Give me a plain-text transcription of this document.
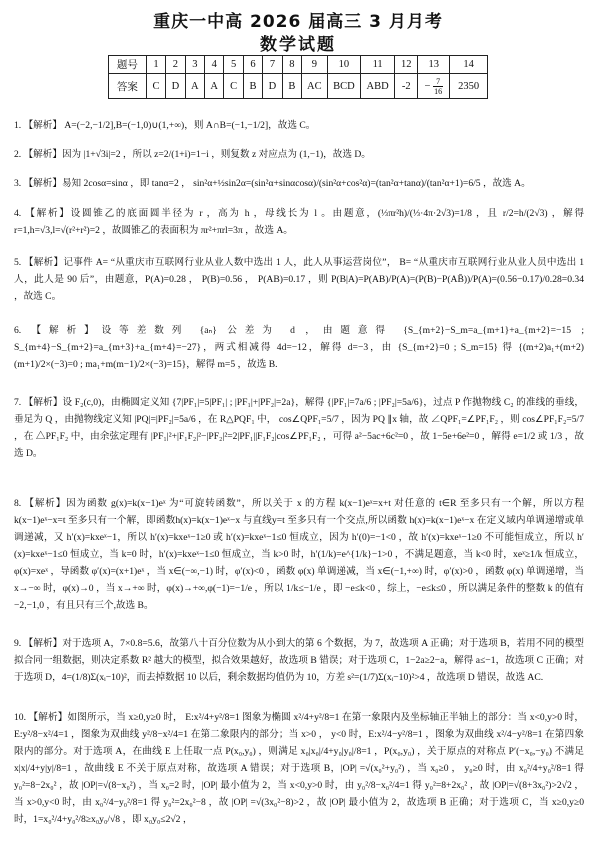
重庆一中高 2026 届高三 3 月月考
数学试题
题号	1	2	3	4	5	6	7	8	9	10	11	12	13	14
答案	C	D	A	A	C	B	D	B	AC	BCD	ABD	-2	− $\frac{7}{16}$	2350
1. 【解析】 A=(−2,−1/2],B=(−1,0)∪(1,+∞)，则 A∩B=(−1,−1/2]，故选 C。
2. 【解析】因为 |1+√3i|=2 ，所以 z=2/(1+i)=1−i ，则复数 z 对应点为 (1,−1)，故选 D。
3. 【解析】易知 2cosα=sinα ，即 tanα=2 ， sin²α+½sin2α=(sin²α+sinαcosα)/(sin²α+cos²α)=(tan²α+tanα)/(tan²α+1)=6/5 ，故选 A。
4. 【解析】设圆锥乙的底面圆半径为 r ，高为 h ，母线长为 l 。由题意，(⅓πr²h)/(⅓·4π·2√3)=1/8 ，且 r/2=h/(2√3) ，解得 r=1,h=√3,l=√(r²+r²)=2 ，故圆锥乙的表面积为 πr²+πrl=3π ，故选 A。
5. 【解析】记事件 A= “从重庆市互联网行业从业人数中选出 1 人，此人从事运营岗位”， B= “从重庆市互联网行业从业人员中选出 1 人，此人是 90 后”，由题意，P(A)=0.28 ， P(B)=0.56 ， P(AB)=0.17 ，则 P(B|A)=P(AB)/P(A)=(P(B)−P(AB̄))/P(A)=(0.56−0.17)/0.28=0.34 ，故选 C。
6. 【解析】设等差数列 {aₙ} 公差为 d ，由题意得 {S_{m+2}−S_m=a_{m+1}+a_{m+2}=−15 ; S_{m+4}−S_{m+2}=a_{m+3}+a_{m+4}=−27}，两式相减得 4d=−12，解得 d=−3，由 {S_{m+2}=0 ; S_m=15} 得 {(m+2)a₁+(m+2)(m+1)/2×(−3)=0 ; ma₁+m(m−1)/2×(−3)=15}，解得 m=5 ，故选 B.
7. 【解析】设 F₂(c,0)，由椭圆定义知 {7|PF₁|=5|PF₁| ; |PF₁|+|PF₂|=2a}，解得 {|PF₁|=7a/6 ; |PF₂|=5a/6}，过点 P 作抛物线 C₂ 的准线的垂线，垂足为 Q ，由抛物线定义知 |PQ|=|PF₂|=5a/6 ，在 R△PQF₁ 中， cos∠QPF₁=5/7 ，因为 PQ ∥x 轴，故 ∠QPF₁=∠PF₁F₂ ，则 cos∠PF₁F₂=5/7 ，在 △PF₁F₂ 中，由余弦定理有 |PF₁|²+|F₁F₂|²−|PF₂|²=2|PF₁||F₁F₂|cos∠PF₁F₂ ，可得 a²−5ac+6c²=0 ，故 1−5e+6e²=0 ，解得 e=1/2 或 1/3 ，故选 D。
8. 【解析】因为函数 g(x)=k(x−1)eˣ 为“可旋转函数”，所以关于 x 的方程 k(x−1)eˣ=x+t 对任意的 t∈R 至多只有一个解，所以方程 k(x−1)eˣ−x=t 至多只有一个解，即函数h(x)=k(x−1)eˣ−x 与直线y=t 至多只有一个交点,所以函数 h(x)=k(x−1)eˣ−x 在定义域内单调递增或单调递减，又 h′(x)=kxeˣ−1，所以 h′(x)=kxeˣ−1≥0 或 h′(x)=kxeˣ−1≤0 恒成立，因为 h′(0)=−1<0 ，故 h′(x)=kxeˣ−1≥0 不可能恒成立，所以 h′(x)=kxeˣ−1≤0 恒成立，当 k=0 时，h′(x)=kxeˣ−1≤0 恒成立，当 k>0 时，h′(1/k)=e^{1/k}−1>0 ，不满足题意，当 k<0 时，xeˣ≥1/k 恒成立，φ(x)=xeˣ ，导函数 φ′(x)=(x+1)eˣ ，当 x∈(−∞,−1) 时，φ′(x)<0 ，函数 φ(x) 单调递减，当 x∈(−1,+∞) 时，φ′(x)>0 ，函数 φ(x) 单调递增，当 x→−∞ 时，φ(x)→0 ，当 x→+∞ 时，φ(x)→+∞,φ(−1)=−1/e ，所以 1/k≤−1/e ，即 −e≤k<0 ，综上，−e≤k≤0 ，所以满足条件的整数 k 的值有 −2,−1,0 ，有且只有三个,故选 B。
9. 【解析】对于选项 A，7×0.8=5.6，故第八十百分位数为从小到大的第 6 个数据，为 7，故选项 A 正确；对于选项 B，若用不同的模型拟合同一组数据，则决定系数 R² 越大的模型，拟合效果越好，故选项 B 错误；对于选项 C，1−2a≥2−a，解得 a≤−1，故选项 C 正确；对于选项 D，4=(1/8)Σ(xᵢ−10)²，而去掉数据 10 以后，剩余数据均值仍为 10，方差 s²=(1/7)Σ(xᵢ−10)²>4 ，故选项 D 错误，故选 AC.
10. 【解析】如图所示，当 x≥0,y≥0 时， E:x²/4+y²/8=1 图象为椭圆 x²/4+y²/8=1 在第一象限内及坐标轴正半轴上的部分：当 x<0,y>0 时，E:y²/8−x²/4=1 ，图象为双曲线 y²/8−x²/4=1 在第二象限内的部分；当 x>0 ， y<0 时，E:x²/4−y²/8=1 ，图象为双曲线 x²/4−y²/8=1 在第四象限内的部分。对于选项 A，在曲线 E 上任取一点 P(x₀,y₀) ，则满足 x₀|x₀|/4+y₀|y₀|/8=1 ，P(x₀,y₀) ，关于原点的对称点 P′(−x₀,−y₀) 不满足 x|x|/4+y|y|/8=1 ，故曲线 E 不关于原点对称，故选项 A 错误；对于选项 B，|OP| =√(x₀²+y₀²) ，当 x₀≥0 ， y₀≥0 时，由 x₀²/4+y₀²/8=1 得 y₀²=8−2x₀² ，故 |OP|=√(8−x₀²) ，当 x₀=2 时，|OP| 最小值为 2，当 x<0,y>0 时，由 y₀²/8−x₀²/4=1 得 y₀²=8+2x₀² ，故 |OP|=√(8+3x₀²)>2√2 ，当 x>0,y<0 时，由 x₀²/4−y₀²/8=1 得 y₀²=2x₀²−8 ，故 |OP| =√(3x₀²−8)>2 ，故 |OP| 最小值为 2，故选项 B 正确；对于选项 C，当 x≥0,y≥0 时，1=x₀²/4+y₀²/8≥x₀y₀/√8 ，即 x₀y₀≤2√2 ，
